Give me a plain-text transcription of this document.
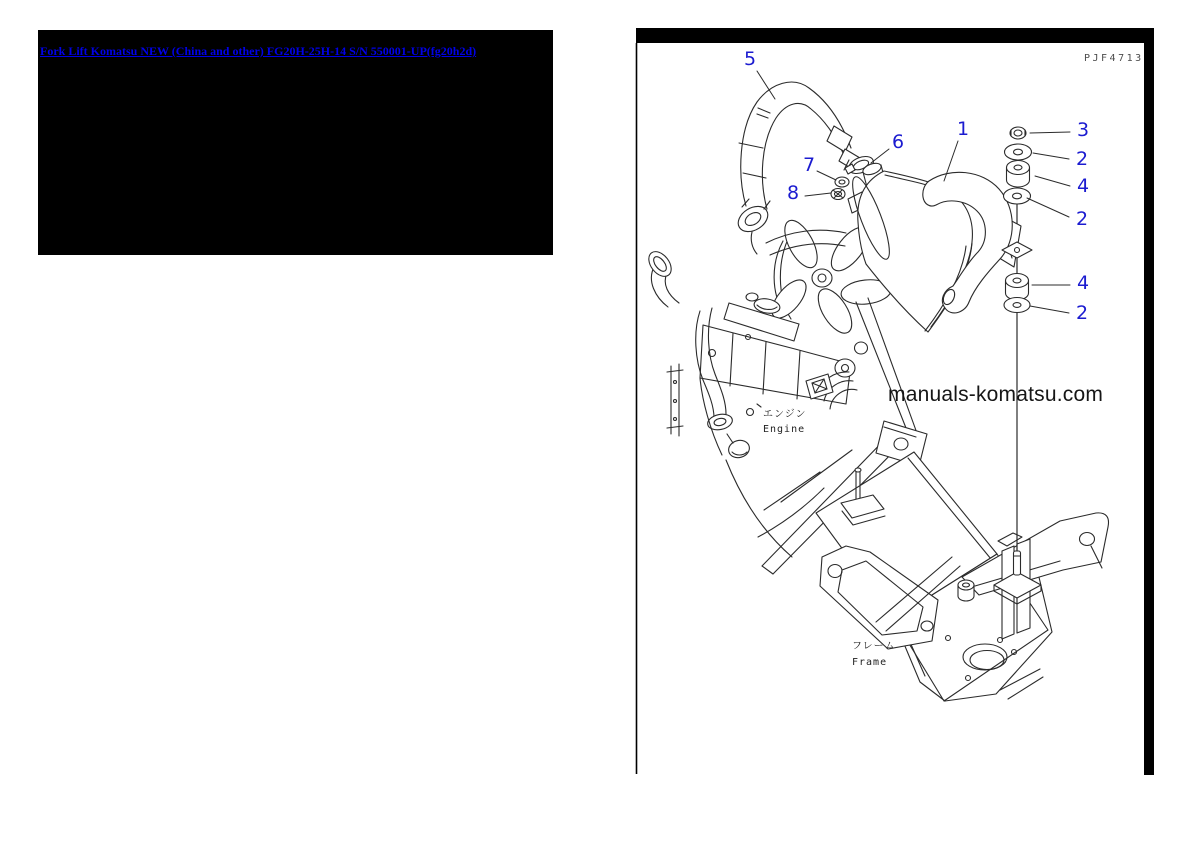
Fork Lift Komatsu NEW (China and other) FG20H-25H-14 S/N 550001-UP(fg20h2d)
PJF4713
manuals-komatsu.com
エンジン
Engine
フレーム
Frame
5
6
7
8
1	3
2
4
2
4
2
